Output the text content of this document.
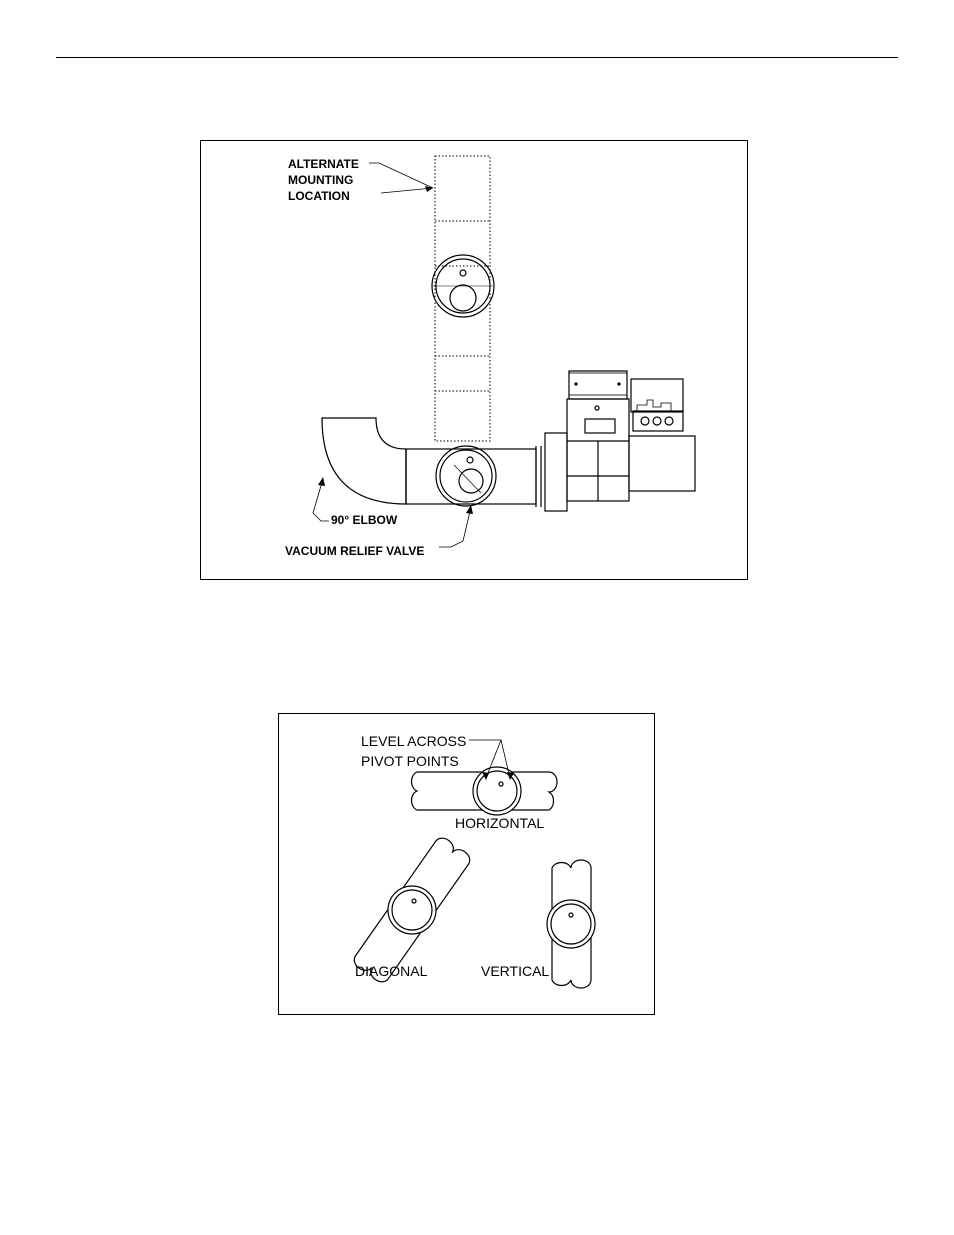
ALTERNATE
MOUNTING
LOCATION
90° ELBOW
VACUUM RELIEF VALVE
LEVEL ACROSS
PIVOT POINTS
HORIZONTAL
DIAGONAL	VERTICAL
